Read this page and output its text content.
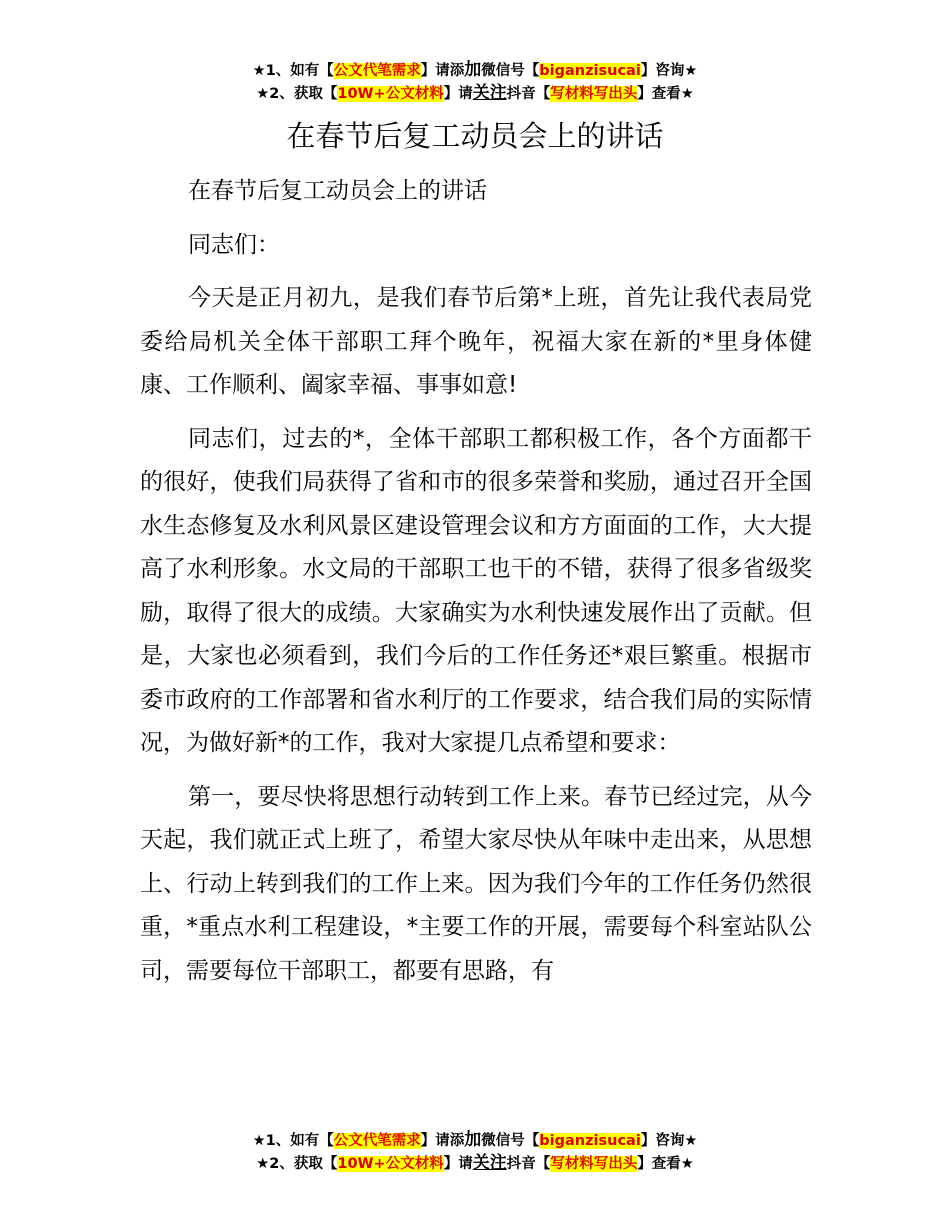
★1、如有【公文代笔需求】请添加微信号【biganzisucai】咨询★
★2、获取【10W+公文材料】请关注抖音【写材料写出头】查看★
在春节后复工动员会上的讲话

在春节后复工动员会上的讲话

同志们：

今天是正月初九，是我们春节后第*上班，首先让我代表局党委给局机关全体干部职工拜个晚年，祝福大家在新的*里身体健康、工作顺利、阖家幸福、事事如意!

同志们，过去的*，全体干部职工都积极工作，各个方面都干的很好，使我们局获得了省和市的很多荣誉和奖励，通过召开全国水生态修复及水利风景区建设管理会议和方方面面的工作，大大提高了水利形象。水文局的干部职工也干的不错，获得了很多省级奖励，取得了很大的成绩。大家确实为水利快速发展作出了贡献。但是，大家也必须看到，我们今后的工作任务还*艰巨繁重。根据市委市政府的工作部署和省水利厅的工作要求，结合我们局的实际情况，为做好新*的工作，我对大家提几点希望和要求：

第一，要尽快将思想行动转到工作上来。春节已经过完，从今天起，我们就正式上班了，希望大家尽快从年味中走出来，从思想上、行动上转到我们的工作上来。因为我们今年的工作任务仍然很重，*重点水利工程建设，*主要工作的开展，需要每个科室站队公司，需要每位干部职工，都要有思路，有

★1、如有【公文代笔需求】请添加微信号【biganzisucai】咨询★
★2、获取【10W+公文材料】请关注抖音【写材料写出头】查看★
